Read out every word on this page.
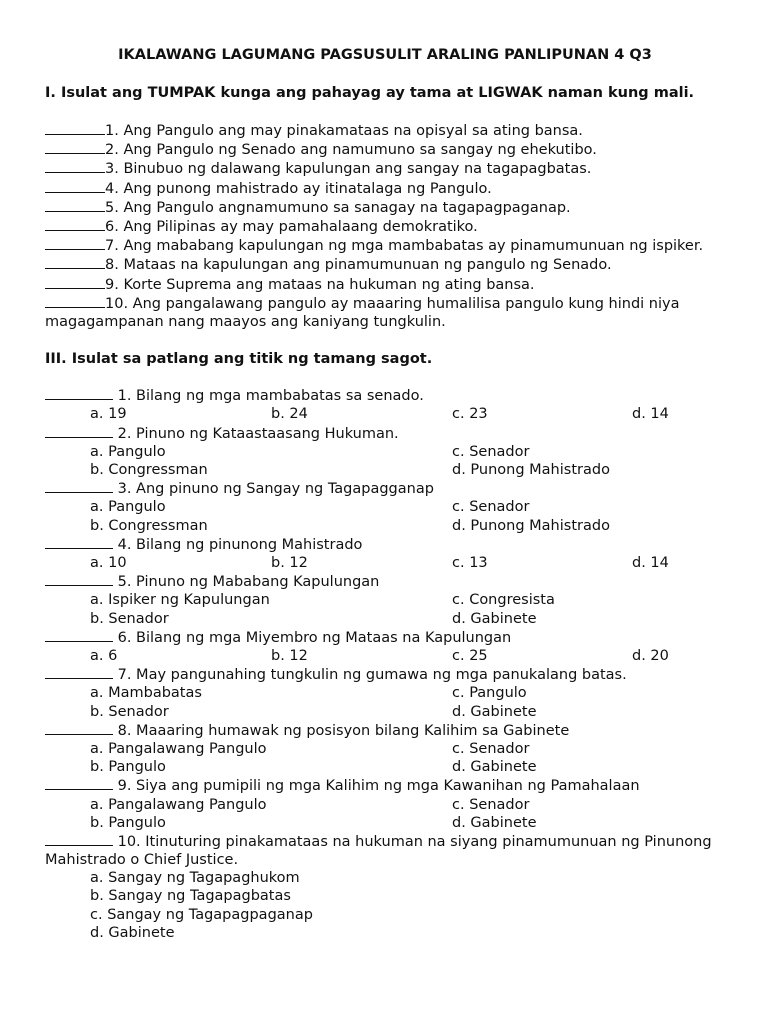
IKALAWANG LAGUMANG PAGSUSULIT ARALING PANLIPUNAN 4 Q3
I. Isulat ang TUMPAK kunga ang pahayag ay tama at LIGWAK naman kung mali.
1. Ang Pangulo ang may pinakamataas na opisyal sa ating bansa.
2. Ang Pangulo ng Senado ang namumuno sa sangay ng ehekutibo.
3. Binubuo ng dalawang kapulungan ang sangay na tagapagbatas.
4. Ang punong mahistrado ay itinatalaga ng Pangulo.
5. Ang Pangulo angnamumuno sa sanagay na tagapagpaganap.
6. Ang Pilipinas ay may pamahalaang demokratiko.
7. Ang mababang kapulungan ng mga mambabatas ay pinamumunuan ng ispiker.
8. Mataas na kapulungan ang pinamumunuan ng pangulo ng Senado.
9. Korte Suprema ang mataas na hukuman ng ating bansa.
10. Ang pangalawang pangulo ay maaaring humalilisa pangulo kung hindi niya magagampanan nang maayos ang kaniyang tungkulin.
III. Isulat sa patlang ang titik ng tamang sagot.
1. Bilang ng mga mambabatas sa senado.
a. 19	b. 24	c. 23	d. 14
2. Pinuno ng Kataastaasang Hukuman.
a. Pangulo	c. Senador
b. Congressman	d. Punong Mahistrado
3. Ang pinuno ng Sangay ng Tagapagganap
a. Pangulo	c. Senador
b. Congressman	d. Punong Mahistrado
4. Bilang ng pinunong Mahistrado
a. 10	b. 12	c. 13	d. 14
5. Pinuno ng Mababang Kapulungan
a. Ispiker ng Kapulungan	c. Congresista
b. Senador	d. Gabinete
6. Bilang ng mga Miyembro ng Mataas na Kapulungan
a. 6	b. 12	c. 25	d. 20
7. May pangunahing tungkulin ng gumawa ng mga panukalang batas.
a. Mambabatas	c. Pangulo
b. Senador	d. Gabinete
8. Maaaring humawak ng posisyon bilang Kalihim sa Gabinete
a. Pangalawang Pangulo	c. Senador
b. Pangulo	d. Gabinete
9. Siya ang pumipili ng mga Kalihim ng mga Kawanihan ng Pamahalaan
a. Pangalawang Pangulo	c. Senador
b. Pangulo	d. Gabinete
10. Itinuturing pinakamataas na hukuman na siyang pinamumunuan ng Pinunong Mahistrado o Chief Justice.
a. Sangay ng Tagapaghukom
b. Sangay ng Tagapagbatas
c. Sangay ng Tagapagpaganap
d. Gabinete
